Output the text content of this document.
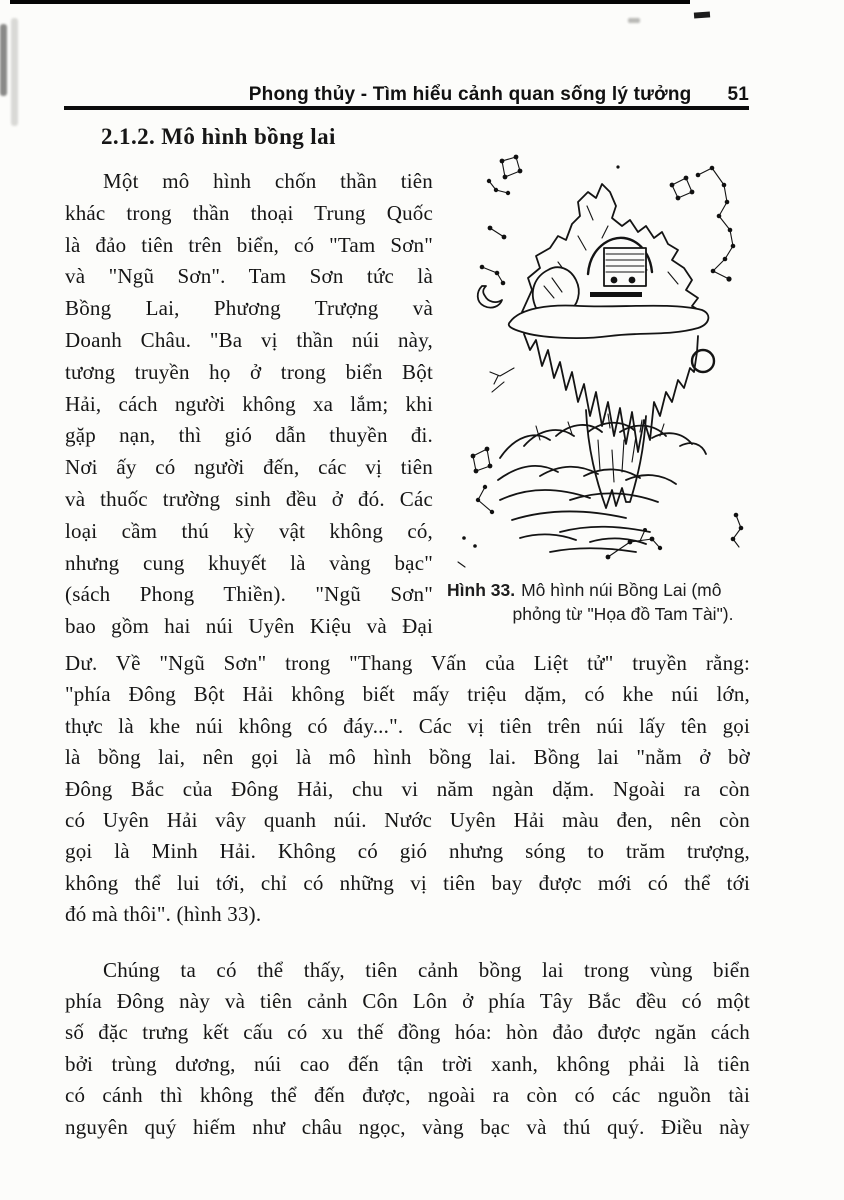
Phong thủy - Tìm hiểu cảnh quan sống lý tưởng 51
2.1.2. Mô hình bồng lai
Một mô hình chốn thần tiên
khác trong thần thoại Trung Quốc
là đảo tiên trên biển, có "Tam Sơn"
và "Ngũ Sơn". Tam Sơn tức là
Bồng Lai, Phương Trượng và
Doanh Châu. "Ba vị thần núi này,
tương truyền họ ở trong biển Bột
Hải, cách người không xa lắm; khi
gặp nạn, thì gió dẫn thuyền đi.
Nơi ấy có người đến, các vị tiên
và thuốc trường sinh đều ở đó. Các
loại cầm thú kỳ vật không có,
nhưng cung khuyết là vàng bạc"
(sách Phong Thiền). "Ngũ Sơn"
bao gồm hai núi Uyên Kiệu và Đại
Hình 33. Mô hình núi Bồng Lai (mô
phỏng từ "Họa đồ Tam Tài").
Dư. Về "Ngũ Sơn" trong "Thang Vấn của Liệt tử" truyền rằng:
"phía Đông Bột Hải không biết mấy triệu dặm, có khe núi lớn,
thực là khe núi không có đáy...". Các vị tiên trên núi lấy tên gọi
là bồng lai, nên gọi là mô hình bồng lai. Bồng lai "nằm ở bờ
Đông Bắc của Đông Hải, chu vi năm ngàn dặm. Ngoài ra còn
có Uyên Hải vây quanh núi. Nước Uyên Hải màu đen, nên còn
gọi là Minh Hải. Không có gió nhưng sóng to trăm trượng,
không thể lui tới, chỉ có những vị tiên bay được mới có thể tới
đó mà thôi". (hình 33).
Chúng ta có thể thấy, tiên cảnh bồng lai trong vùng biển
phía Đông này và tiên cảnh Côn Lôn ở phía Tây Bắc đều có một
số đặc trưng kết cấu có xu thế đồng hóa: hòn đảo được ngăn cách
bởi trùng dương, núi cao đến tận trời xanh, không phải là tiên
có cánh thì không thể đến được, ngoài ra còn có các nguồn tài
nguyên quý hiếm như châu ngọc, vàng bạc và thú quý. Điều này
